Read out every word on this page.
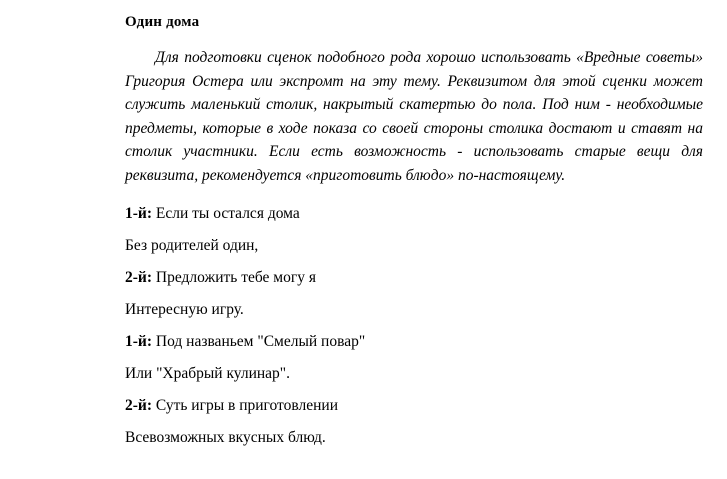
Один дома

Для подготовки сценок подобного рода хорошо использовать «Вредные советы» Григория Остера или экспромт на эту тему. Реквизитом для этой сценки может служить маленький столик, накрытый скатертью до пола. Под ним - необходимые предметы, которые в ходе показа со своей стороны столика достают и ставят на столик участники. Если есть возможность - использовать старые вещи для реквизита, рекомендуется «приготовить блюдо» по-настоящему.

1-й: Если ты остался дома

Без родителей один,

2-й: Предложить тебе могу я

Интересную игру.

1-й: Под названьем "Смелый повар"

Или "Храбрый кулинар".

2-й: Суть игры в приготовлении

Всевозможных вкусных блюд.
